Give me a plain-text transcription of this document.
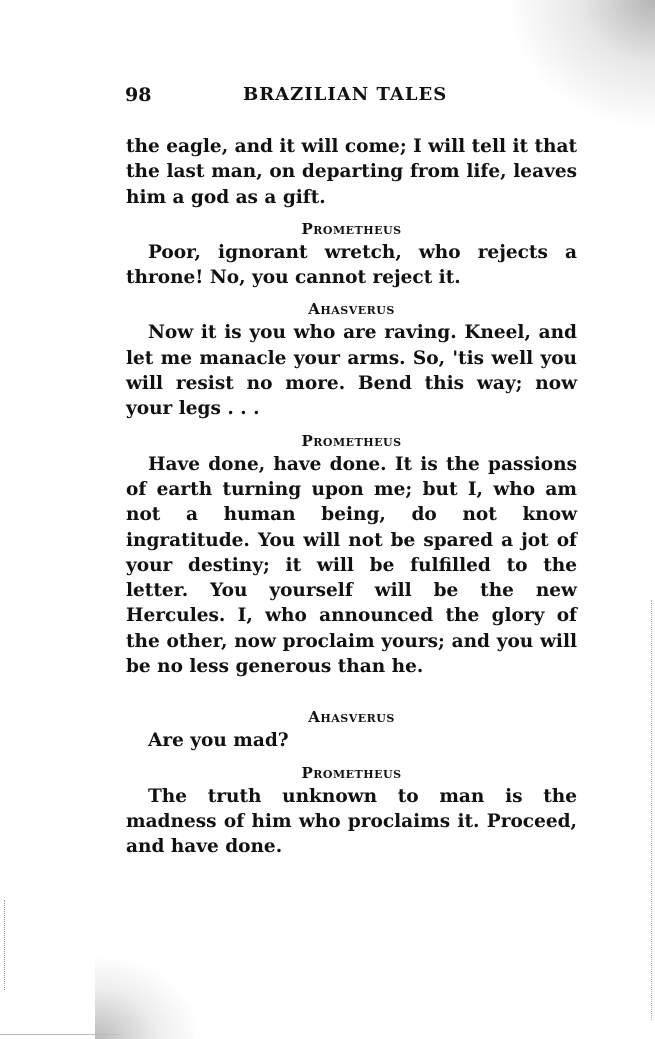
98	BRAZILIAN TALES

the eagle, and it will come; I will tell it that the last man, on departing from life, leaves him a god as a gift.

Prometheus

Poor, ignorant wretch, who rejects a throne! No, you cannot reject it.

Ahasverus

Now it is you who are raving. Kneel, and let me manacle your arms. So, 'tis well you will resist no more. Bend this way; now your legs . . .

Prometheus

Have done, have done. It is the passions of earth turning upon me; but I, who am not a human being, do not know ingratitude. You will not be spared a jot of your destiny; it will be fulfilled to the letter. You yourself will be the new Hercules. I, who announced the glory of the other, now proclaim yours; and you will be no less generous than he.

Ahasverus

Are you mad?

Prometheus

The truth unknown to man is the madness of him who proclaims it. Proceed, and have done.
